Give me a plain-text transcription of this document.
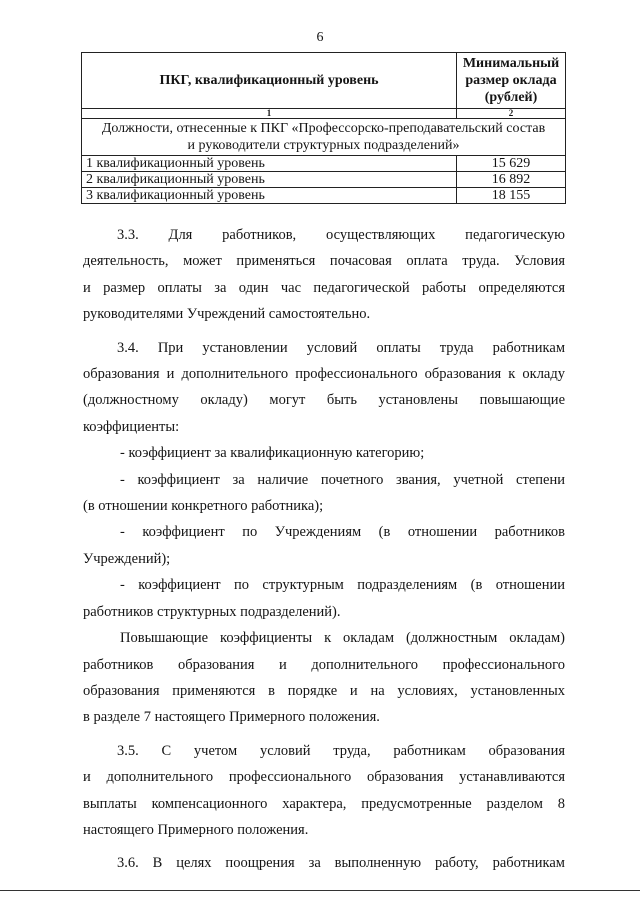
6
ПКГ, квалификационный уровень	Минимальный
размер оклада
(рублей)

1	2

Должности, отнесенные к ПКГ «Профессорско-преподавательский состав
и руководители структурных подразделений»	

1 квалификационный уровень	15 629
2 квалификационный уровень	16 892
3 квалификационный уровень	18 155

3.3. Для работников, осуществляющих педагогическую

деятельность, может применяться почасовая оплата труда. Условия

и размер оплаты за один час педагогической работы определяются

руководителями Учреждений самостоятельно.

3.4. При установлении условий оплаты труда работникам

образования и дополнительного профессионального образования к окладу

(должностному окладу) могут быть установлены повышающие

коэффициенты:

- коэффициент за квалификационную категорию;

- коэффициент за наличие почетного звания, учетной степени

(в отношении конкретного работника);

- коэффициент по Учреждениям (в отношении работников

Учреждений);

- коэффициент по структурным подразделениям (в отношении

работников структурных подразделений).

Повышающие коэффициенты к окладам (должностным окладам)

работников образования и дополнительного профессионального

образования применяются в порядке и на условиях, установленных

в разделе 7 настоящего Примерного положения.

3.5. С учетом условий труда, работникам образования

и дополнительного профессионального образования устанавливаются

выплаты компенсационного характера, предусмотренные разделом 8

настоящего Примерного положения.

3.6. В целях поощрения за выполненную работу, работникам
